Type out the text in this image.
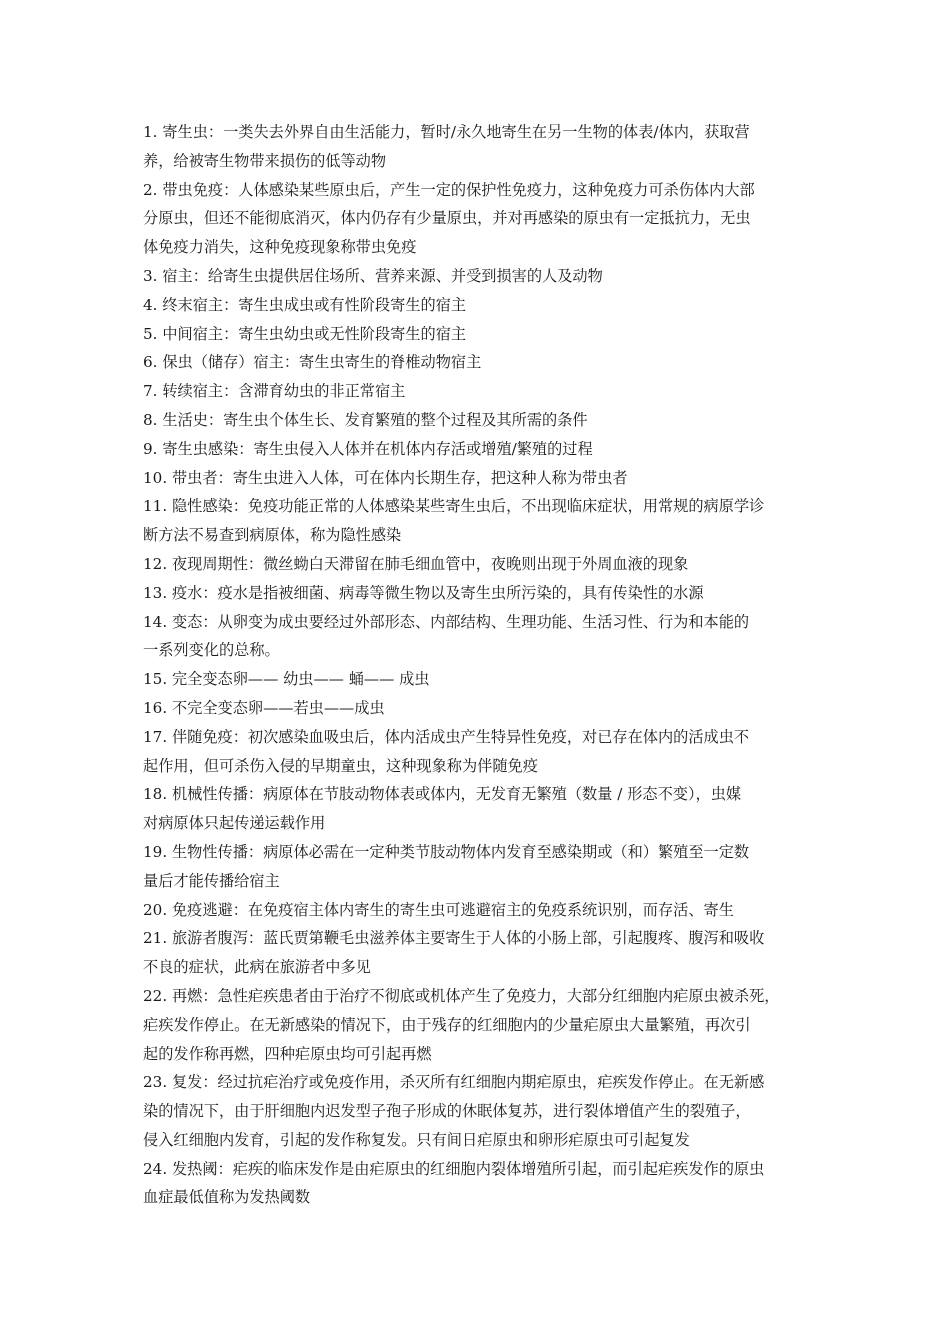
1. 寄生虫：一类失去外界自由生活能力，暂时/永久地寄生在另一生物的体表/体内，获取营
养，给被寄生物带来损伤的低等动物
2. 带虫免疫：人体感染某些原虫后，产生一定的保护性免疫力，这种免疫力可杀伤体内大部
分原虫，但还不能彻底消灭，体内仍存有少量原虫，并对再感染的原虫有一定抵抗力，无虫
体免疫力消失，这种免疫现象称带虫免疫
3. 宿主：给寄生虫提供居住场所、营养来源、并受到损害的人及动物
4. 终末宿主：寄生虫成虫或有性阶段寄生的宿主
5. 中间宿主：寄生虫幼虫或无性阶段寄生的宿主
6. 保虫（储存）宿主：寄生虫寄生的脊椎动物宿主
7. 转续宿主：含滞育幼虫的非正常宿主
8. 生活史：寄生虫个体生长、发育繁殖的整个过程及其所需的条件
9. 寄生虫感染：寄生虫侵入人体并在机体内存活或增殖/繁殖的过程
10. 带虫者：寄生虫进入人体，可在体内长期生存，把这种人称为带虫者
11. 隐性感染：免疫功能正常的人体感染某些寄生虫后，不出现临床症状，用常规的病原学诊
断方法不易查到病原体，称为隐性感染
12. 夜现周期性：微丝蚴白天滞留在肺毛细血管中，夜晚则出现于外周血液的现象
13. 疫水：疫水是指被细菌、病毒等微生物以及寄生虫所污染的，具有传染性的水源
14. 变态：从卵变为成虫要经过外部形态、内部结构、生理功能、生活习性、行为和本能的
一系列变化的总称。
15. 完全变态卵—— 幼虫—— 蛹—— 成虫
16. 不完全变态卵——若虫——成虫
17. 伴随免疫：初次感染血吸虫后，体内活成虫产生特异性免疫，对已存在体内的活成虫不
起作用，但可杀伤入侵的早期童虫，这种现象称为伴随免疫
18. 机械性传播：病原体在节肢动物体表或体内，无发育无繁殖（数量 / 形态不变），虫媒
对病原体只起传递运载作用
19. 生物性传播：病原体必需在一定种类节肢动物体内发育至感染期或（和）繁殖至一定数
量后才能传播给宿主
20. 免疫逃避：在免疫宿主体内寄生的寄生虫可逃避宿主的免疫系统识别，而存活、寄生
21. 旅游者腹泻：蓝氏贾第鞭毛虫滋养体主要寄生于人体的小肠上部，引起腹疼、腹泻和吸收
不良的症状，此病在旅游者中多见
22. 再燃：急性疟疾患者由于治疗不彻底或机体产生了免疫力，大部分红细胞内疟原虫被杀死，
疟疾发作停止。在无新感染的情况下，由于残存的红细胞内的少量疟原虫大量繁殖，再次引
起的发作称再燃，四种疟原虫均可引起再燃
23. 复发：经过抗疟治疗或免疫作用，杀灭所有红细胞内期疟原虫，疟疾发作停止。在无新感
染的情况下，由于肝细胞内迟发型子孢子形成的休眠体复苏，进行裂体增值产生的裂殖子，
侵入红细胞内发育，引起的发作称复发。只有间日疟原虫和卵形疟原虫可引起复发
24. 发热阈：疟疾的临床发作是由疟原虫的红细胞内裂体增殖所引起，而引起疟疾发作的原虫
血症最低值称为发热阈数
